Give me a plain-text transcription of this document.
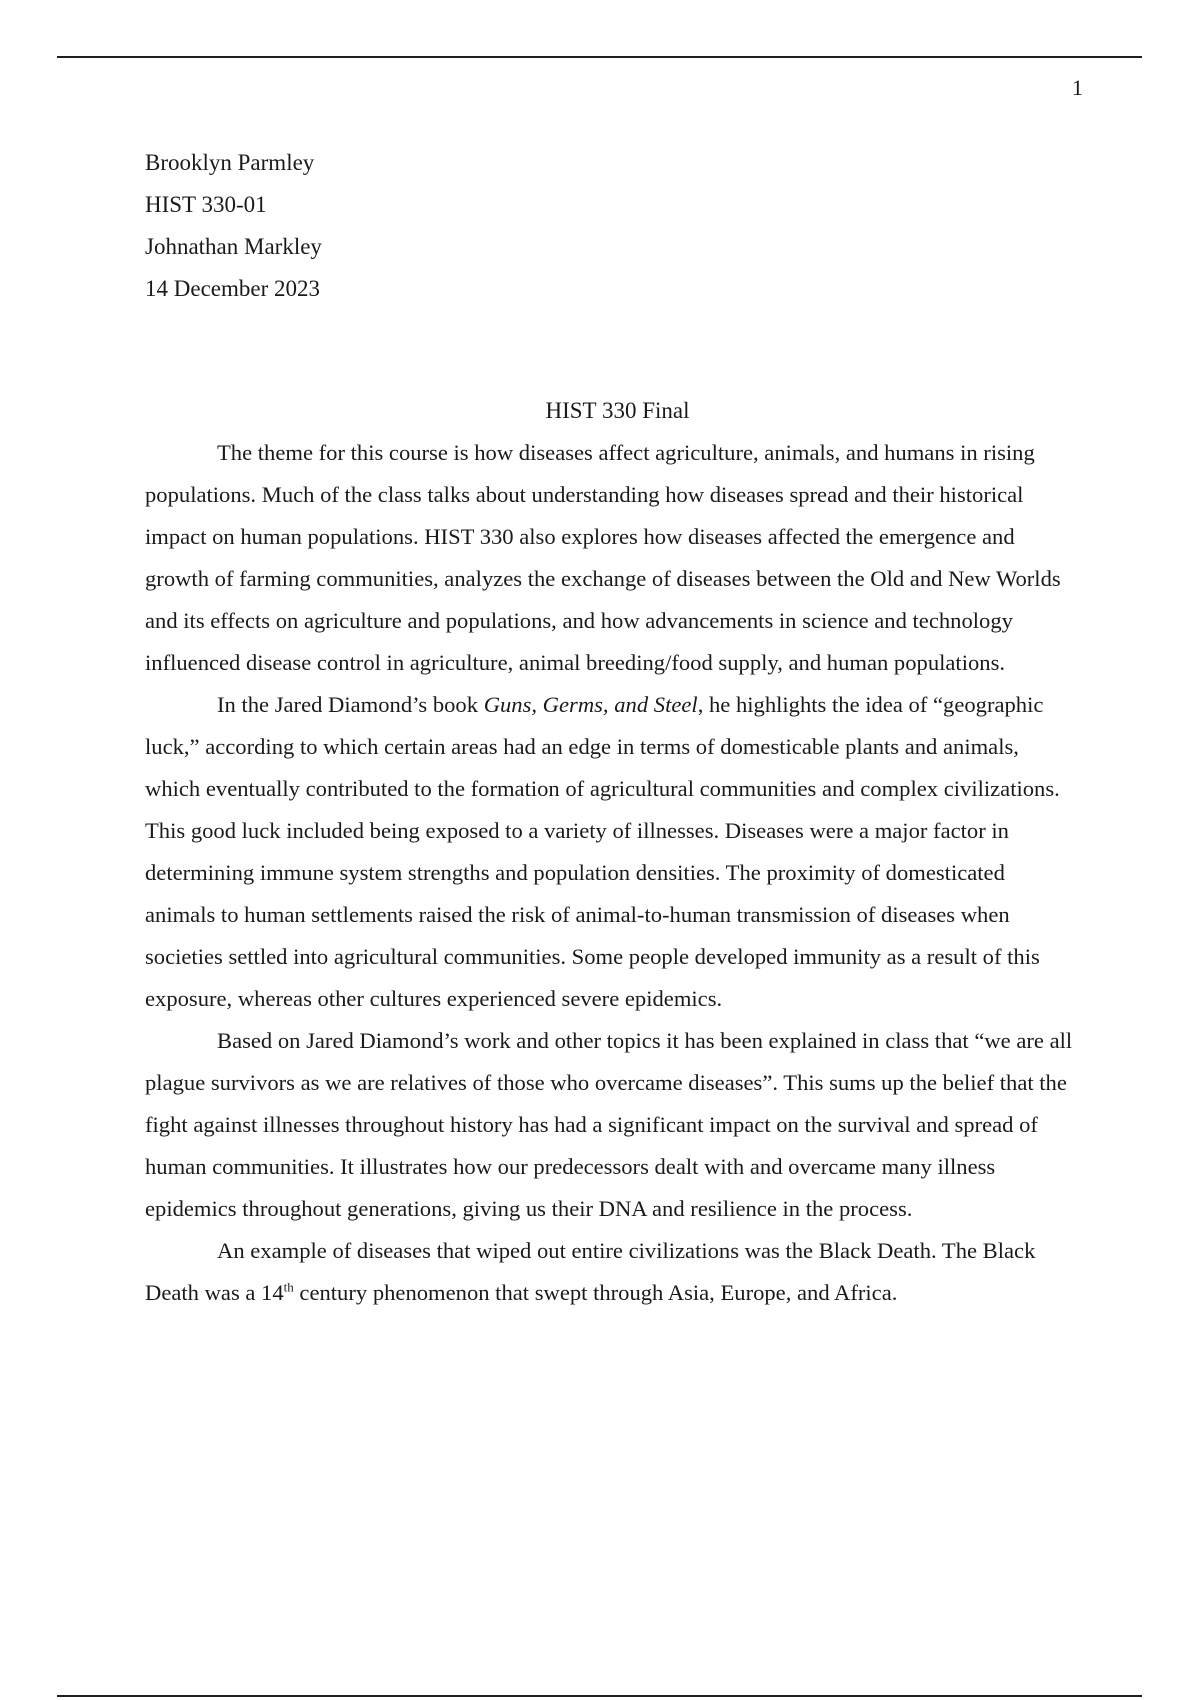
1
Brooklyn Parmley
HIST 330-01
Johnathan Markley
14 December 2023
HIST 330 Final

The theme for this course is how diseases affect agriculture, animals, and humans in rising populations. Much of the class talks about understanding how diseases spread and their historical impact on human populations. HIST 330 also explores how diseases affected the emergence and growth of farming communities, analyzes the exchange of diseases between the Old and New Worlds and its effects on agriculture and populations, and how advancements in science and technology influenced disease control in agriculture, animal breeding/food supply, and human populations.

In the Jared Diamond’s book Guns, Germs, and Steel, he highlights the idea of “geographic luck,” according to which certain areas had an edge in terms of domesticable plants and animals, which eventually contributed to the formation of agricultural communities and complex civilizations. This good luck included being exposed to a variety of illnesses. Diseases were a major factor in determining immune system strengths and population densities. The proximity of domesticated animals to human settlements raised the risk of animal-to-human transmission of diseases when societies settled into agricultural communities. Some people developed immunity as a result of this exposure, whereas other cultures experienced severe epidemics.

Based on Jared Diamond’s work and other topics it has been explained in class that “we are all plague survivors as we are relatives of those who overcame diseases”. This sums up the belief that the fight against illnesses throughout history has had a significant impact on the survival and spread of human communities. It illustrates how our predecessors dealt with and overcame many illness epidemics throughout generations, giving us their DNA and resilience in the process.

An example of diseases that wiped out entire civilizations was the Black Death. The Black Death was a 14th century phenomenon that swept through Asia, Europe, and Africa.
